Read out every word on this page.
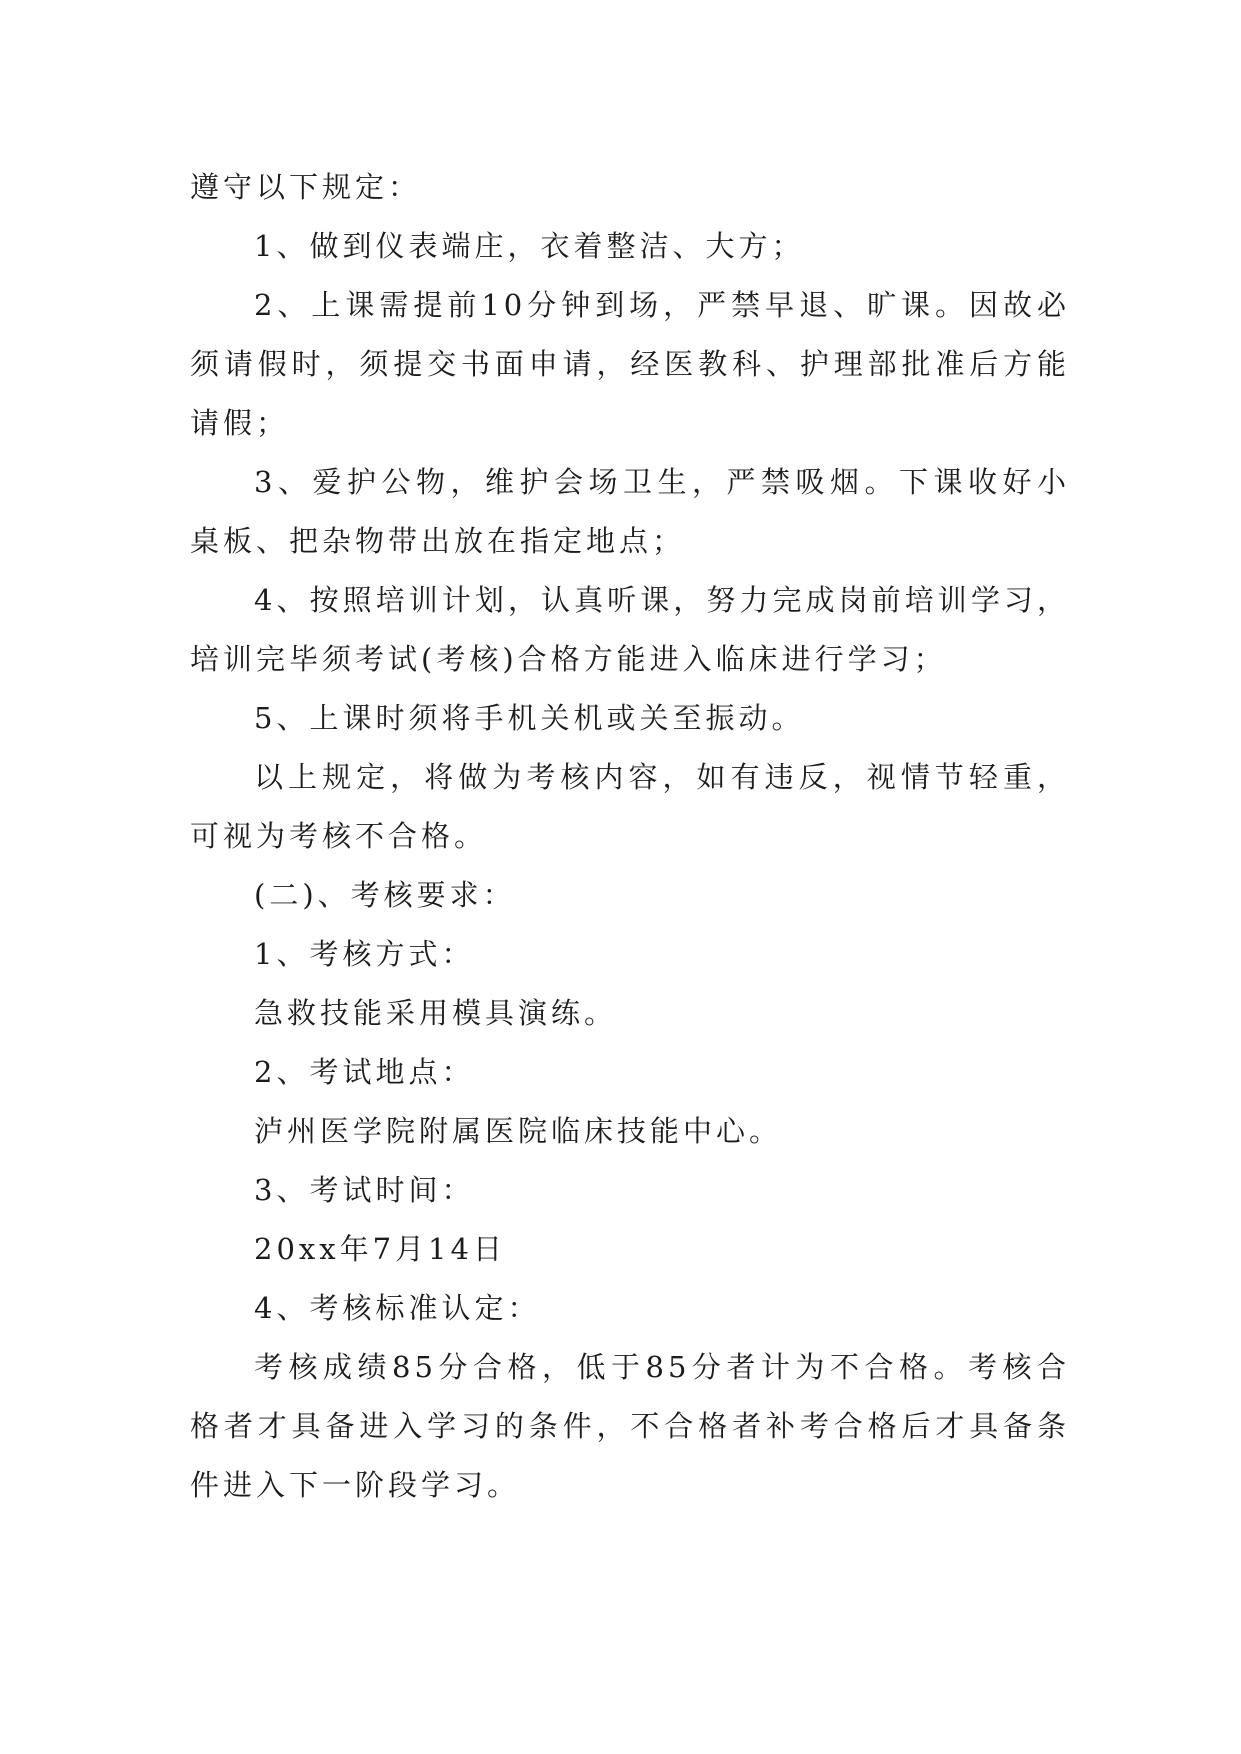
遵守以下规定：
1、做到仪表端庄，衣着整洁、大方；
2、上课需提前10分钟到场，严禁早退、旷课。因故必
须请假时，须提交书面申请，经医教科、护理部批准后方能
请假；
3、爱护公物，维护会场卫生，严禁吸烟。下课收好小
桌板、把杂物带出放在指定地点；
4、按照培训计划，认真听课，努力完成岗前培训学习，
培训完毕须考试(考核)合格方能进入临床进行学习；
5、上课时须将手机关机或关至振动。
以上规定，将做为考核内容，如有违反，视情节轻重，
可视为考核不合格。
(二)、考核要求：
1、考核方式：
急救技能采用模具演练。
2、考试地点：
泸州医学院附属医院临床技能中心。
3、考试时间：
20xx年7月14日
4、考核标准认定：
考核成绩85分合格，低于85分者计为不合格。考核合
格者才具备进入学习的条件，不合格者补考合格后才具备条
件进入下一阶段学习。
